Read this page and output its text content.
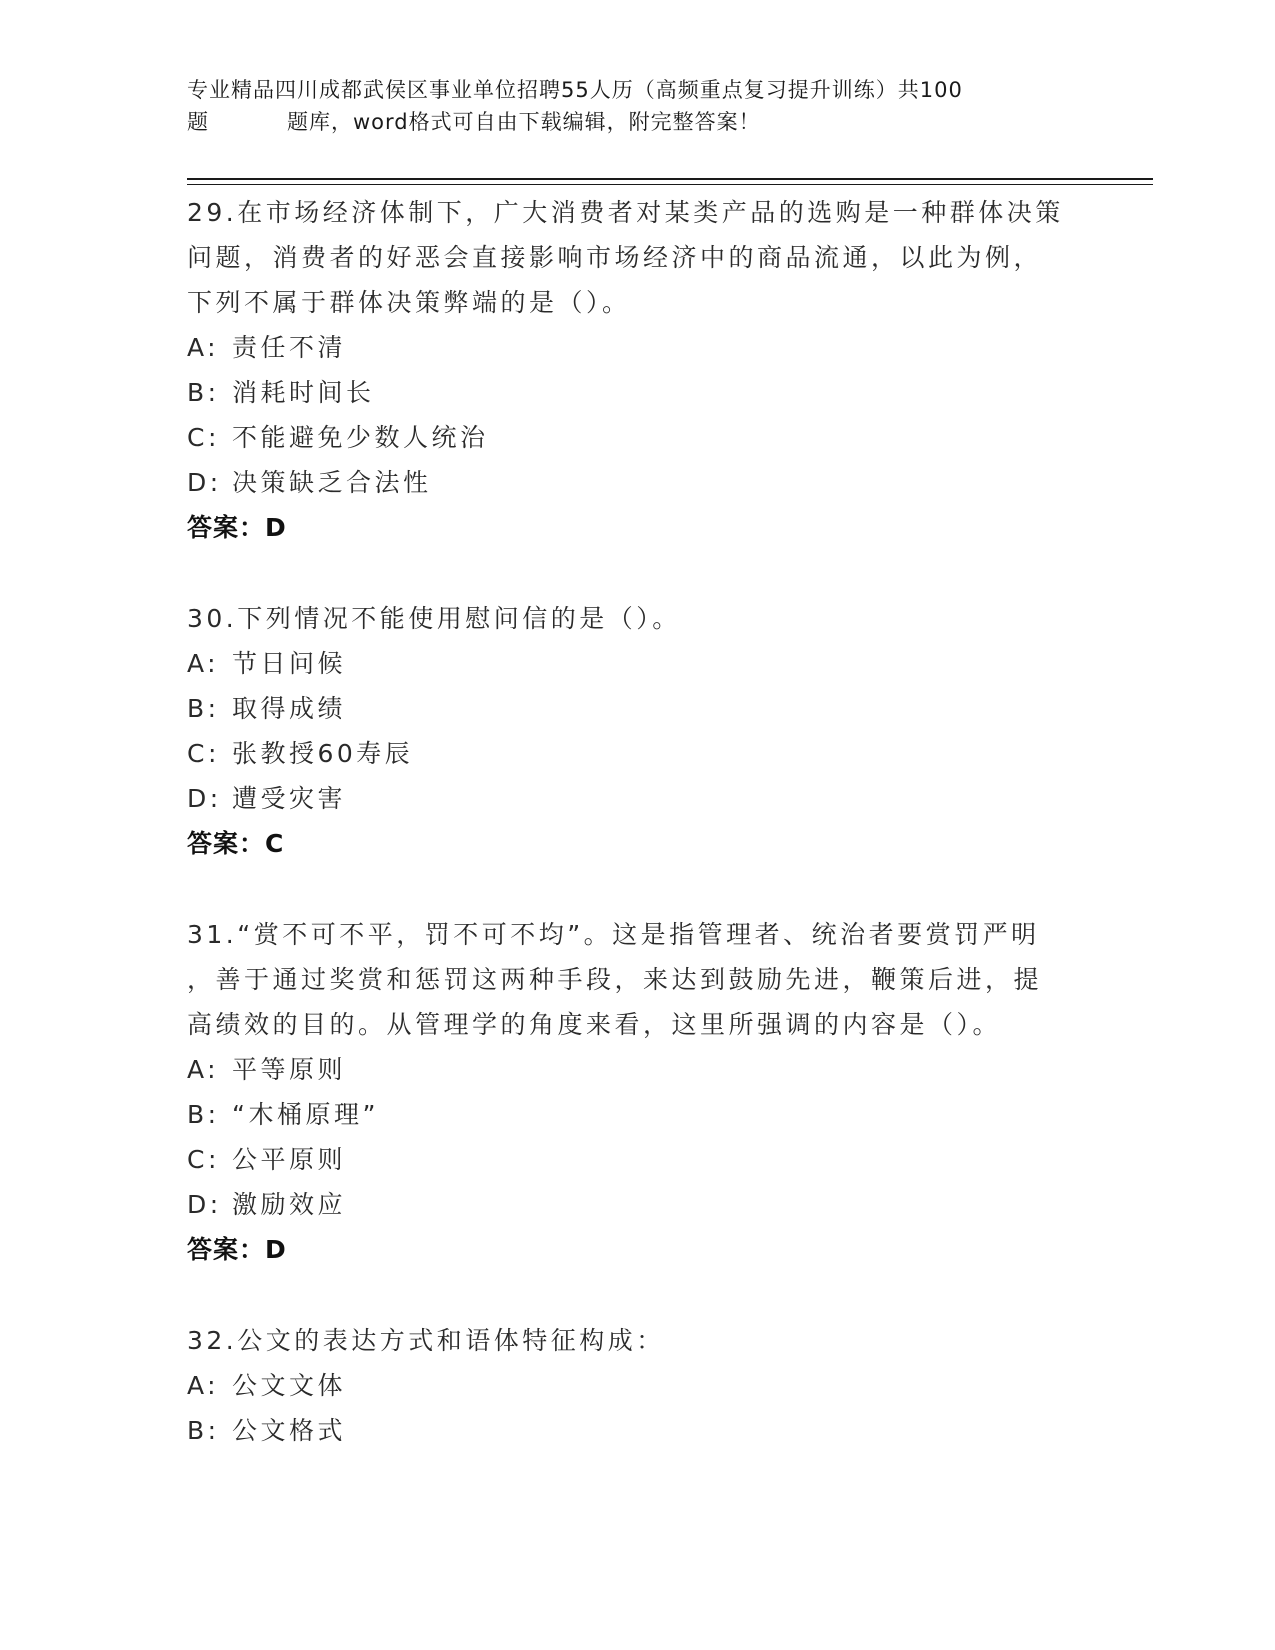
专业精品四川成都武侯区事业单位招聘55人历（高频重点复习提升训练）共100
题	题库，word格式可自由下载编辑，附完整答案！
29.在市场经济体制下，广大消费者对某类产品的选购是一种群体决策
问题，消费者的好恶会直接影响市场经济中的商品流通，以此为例，
下列不属于群体决策弊端的是（）。
A: 责任不清
B: 消耗时间长
C: 不能避免少数人统治
D: 决策缺乏合法性
答案：D
30.下列情况不能使用慰问信的是（）。
A: 节日问候
B: 取得成绩
C: 张教授60寿辰
D: 遭受灾害
答案：C
31.“赏不可不平，罚不可不均”。这是指管理者、统治者要赏罚严明
，善于通过奖赏和惩罚这两种手段，来达到鼓励先进，鞭策后进，提
高绩效的目的。从管理学的角度来看，这里所强调的内容是（）。
A: 平等原则
B: “木桶原理”
C: 公平原则
D: 激励效应
答案：D
32.公文的表达方式和语体特征构成：
A: 公文文体
B: 公文格式
